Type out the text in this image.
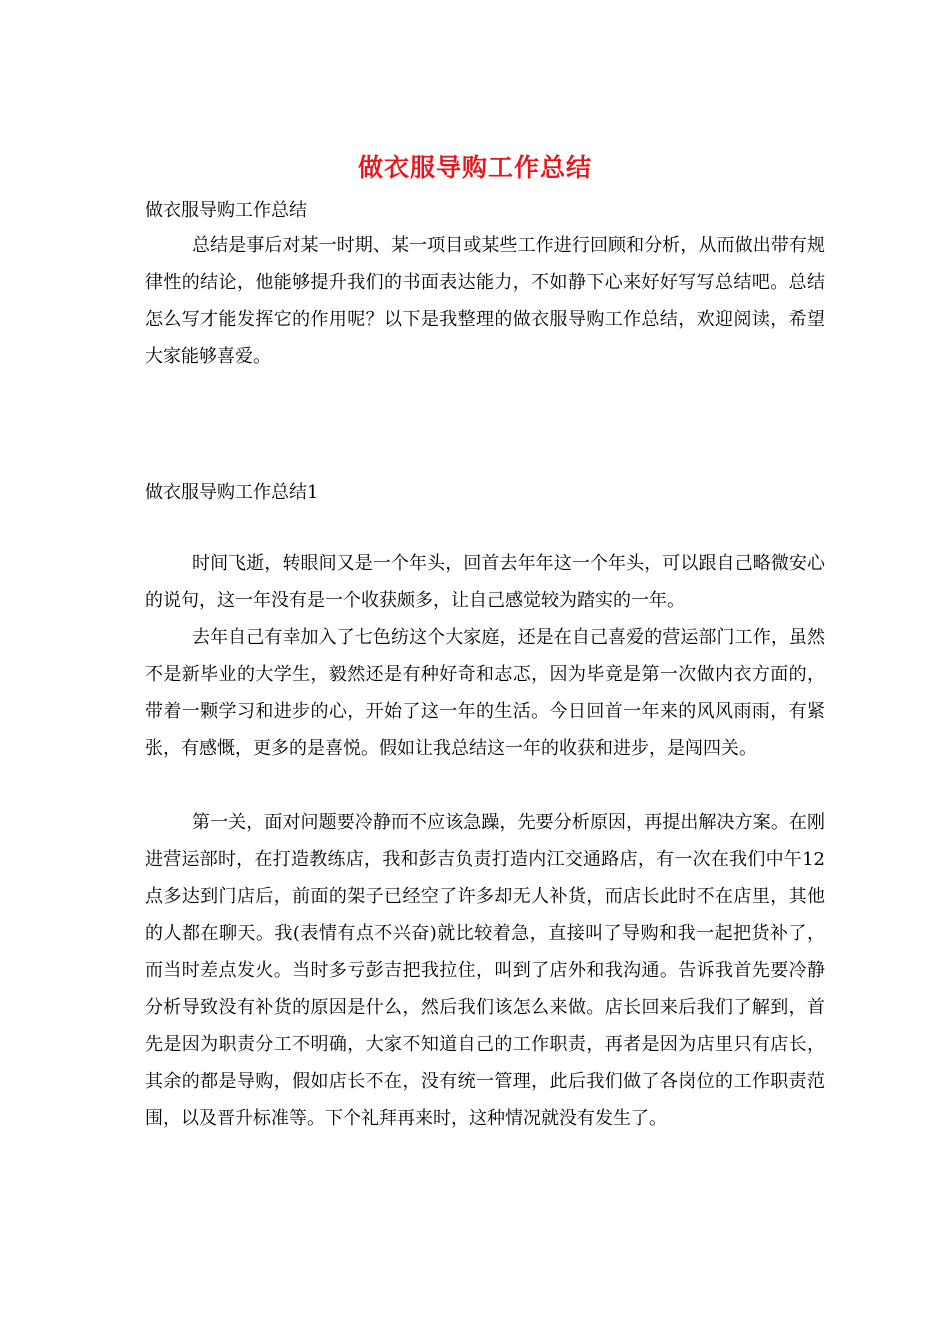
做衣服导购工作总结
做衣服导购工作总结

总结是事后对某一时期、某一项目或某些工作进行回顾和分析，从而做出带有规律性的结论，他能够提升我们的书面表达能力，不如静下心来好好写写总结吧。总结怎么写才能发挥它的作用呢？以下是我整理的做衣服导购工作总结，欢迎阅读，希望大家能够喜爱。

做衣服导购工作总结1

时间飞逝，转眼间又是一个年头，回首去年年这一个年头，可以跟自己略微安心的说句，这一年没有是一个收获颇多，让自己感觉较为踏实的一年。

去年自己有幸加入了七色纺这个大家庭，还是在自己喜爱的营运部门工作，虽然不是新毕业的大学生，毅然还是有种好奇和志忑，因为毕竟是第一次做内衣方面的，带着一颗学习和进步的心，开始了这一年的生活。今日回首一年来的风风雨雨，有紧张，有感慨，更多的是喜悦。假如让我总结这一年的收获和进步，是闯四关。

第一关，面对问题要冷静而不应该急躁，先要分析原因，再提出解决方案。在刚进营运部时，在打造教练店，我和彭吉负责打造内江交通路店，有一次在我们中午12点多达到门店后，前面的架子已经空了许多却无人补货，而店长此时不在店里，其他的人都在聊天。我(表情有点不兴奋)就比较着急，直接叫了导购和我一起把货补了，而当时差点发火。当时多亏彭吉把我拉住，叫到了店外和我沟通。告诉我首先要冷静分析导致没有补货的原因是什么，然后我们该怎么来做。店长回来后我们了解到，首先是因为职责分工不明确，大家不知道自己的工作职责，再者是因为店里只有店长，其余的都是导购，假如店长不在，没有统一管理，此后我们做了各岗位的工作职责范围，以及晋升标准等。下个礼拜再来时，这种情况就没有发生了。
